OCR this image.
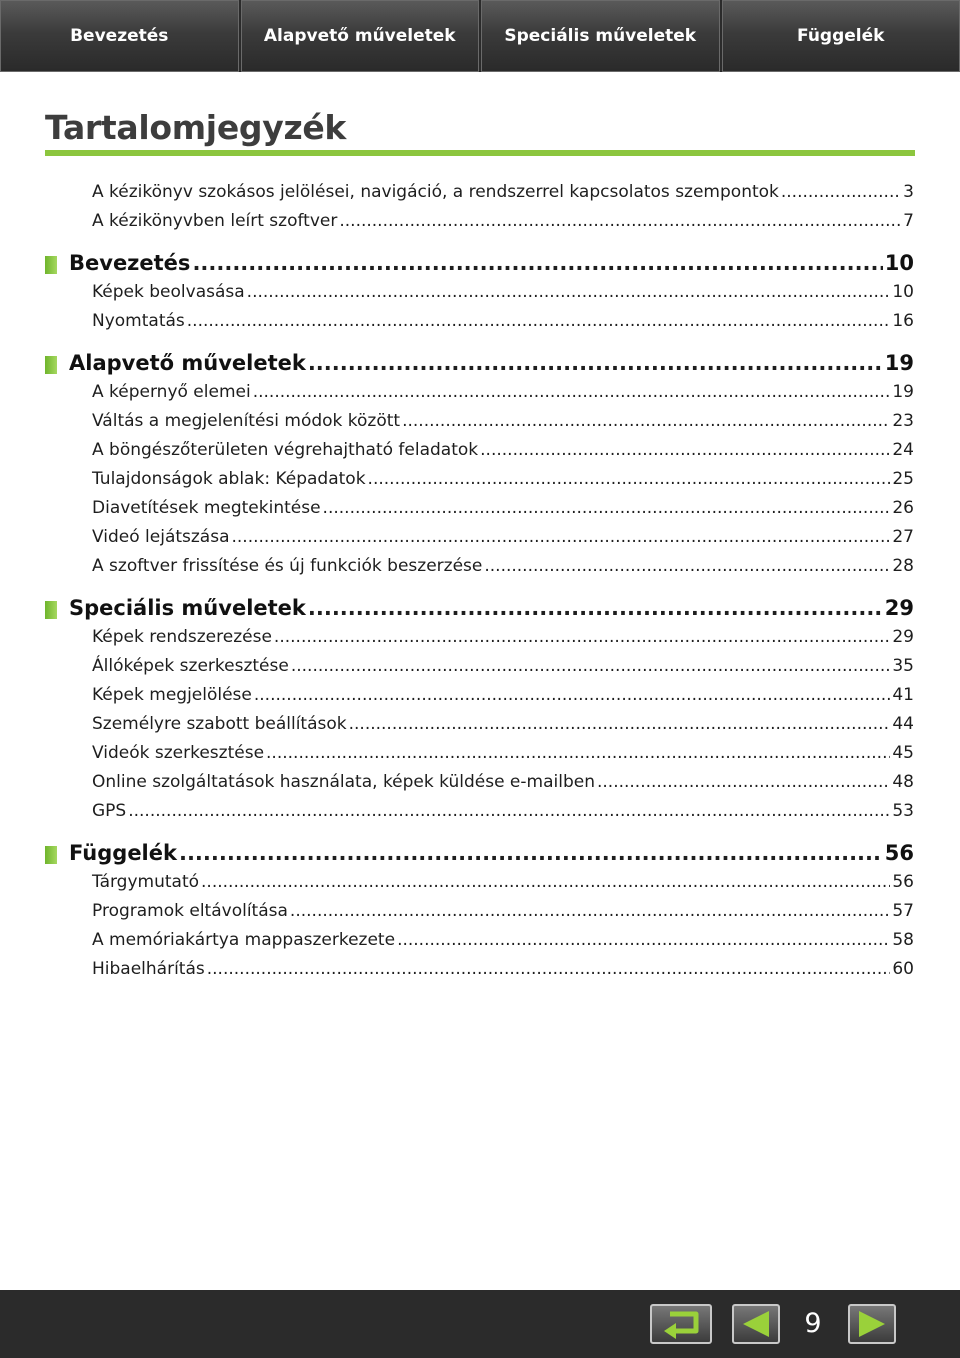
Bevezetés	Alapvető műveletek	Speciális műveletek	Függelék
Tartalomjegyzék
A kézikönyv szokásos jelölései, navigáció, a rendszerrel kapcsolatos szempontok .....	3
A kézikönyvben leírt szoftver .....	7
Bevezetés .....	10
Képek beolvasása .....	10
Nyomtatás .....	16
Alapvető műveletek .....	19
A képernyő elemei .....	19
Váltás a megjelenítési módok között .....	23
A böngészőterületen végrehajtható feladatok .....	24
Tulajdonságok ablak: Képadatok .....	25
Diavetítések megtekintése .....	26
Videó lejátszása .....	27
A szoftver frissítése és új funkciók beszerzése .....	28
Speciális műveletek .....	29
Képek rendszerezése .....	29
Állóképek szerkesztése .....	35
Képek megjelölése .....	41
Személyre szabott beállítások .....	44
Videók szerkesztése .....	45
Online szolgáltatások használata, képek küldése e-mailben .....	48
GPS .....	53
Függelék .....	56
Tárgymutató .....	56
Programok eltávolítása .....	57
A memóriakártya mappaszerkezete .....	58
Hibaelhárítás .....	60
9
